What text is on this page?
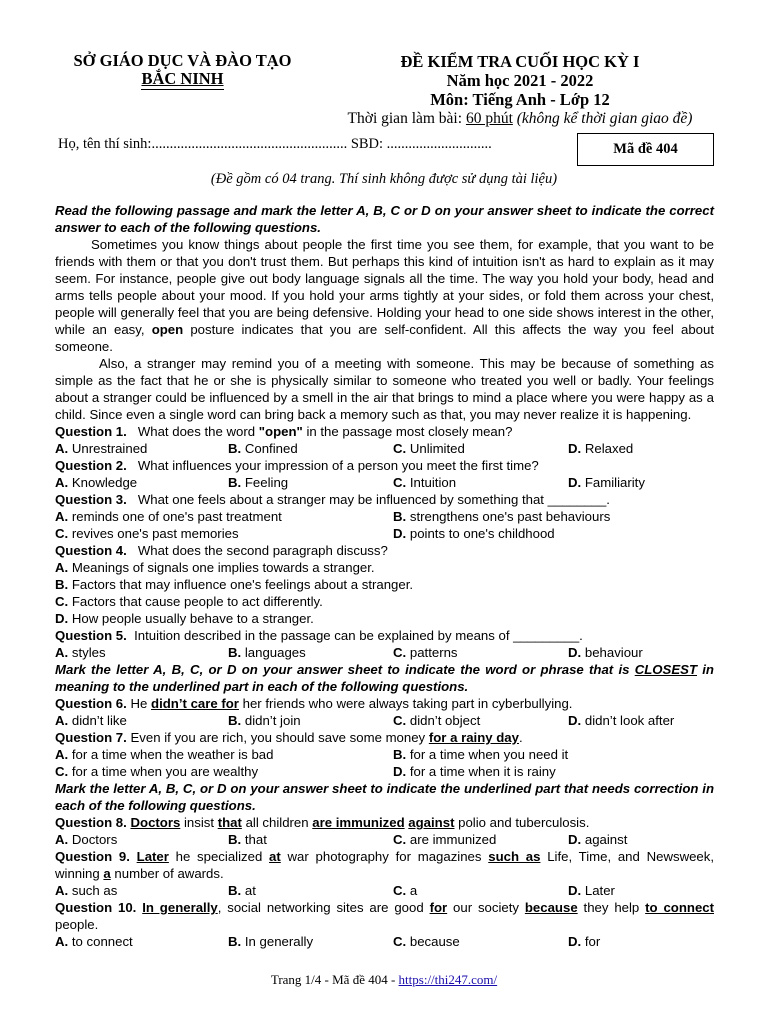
SỞ GIÁO DỤC VÀ ĐÀO TẠO
BẮC NINH
ĐỀ KIỂM TRA CUỐI HỌC KỲ I
Năm học 2021 - 2022
Môn: Tiếng Anh - Lớp 12
Thời gian làm bài: 60 phút (không kể thời gian giao đề)
Họ, tên thí sinh:...................................................... SBD: .............................	Mã đề 404
(Đề gồm có 04 trang. Thí sinh không được sử dụng tài liệu)

Read the following passage and mark the letter A, B, C or D on your answer sheet to indicate the correct answer to each of the following questions.

Sometimes you know things about people the first time you see them, for example, that you want to be friends with them or that you don't trust them. But perhaps this kind of intuition isn't as hard to explain as it may seem. For instance, people give out body language signals all the time. The way you hold your body, head and arms tells people about your mood. If you hold your arms tightly at your sides, or fold them across your chest, people will generally feel that you are being defensive. Holding your head to one side shows interest in the other, while an easy, open posture indicates that you are self-confident. All this affects the way you feel about someone.

Also, a stranger may remind you of a meeting with someone. This may be because of something as simple as the fact that he or she is physically similar to someone who treated you well or badly. Your feelings about a stranger could be influenced by a smell in the air that brings to mind a place where you were happy as a child. Since even a single word can bring back a memory such as that, you may never realize it is happening.

Question 1. What does the word "open" in the passage most closely mean?

A. Unrestrained	B. Confined	C. Unlimited	D. Relaxed

Question 2. What influences your impression of a person you meet the first time?

A. Knowledge	B. Feeling	C. Intuition	D. Familiarity

Question 3. What one feels about a stranger may be influenced by something that ________.

A. reminds one of one's past treatment	B. strengthens one's past behaviours
C. revives one's past memories	D. points to one's childhood

Question 4. What does the second paragraph discuss?

A. Meanings of signals one implies towards a stranger.
B. Factors that may influence one's feelings about a stranger.
C. Factors that cause people to act differently.
D. How people usually behave to a stranger.

Question 5. Intuition described in the passage can be explained by means of _________.

A. styles	B. languages	C. patterns	D. behaviour

Mark the letter A, B, C, or D on your answer sheet to indicate the word or phrase that is CLOSEST in meaning to the underlined part in each of the following questions.

Question 6. He didn’t care for her friends who were always taking part in cyberbullying.

A. didn’t like	B. didn’t join	C. didn’t object	D. didn’t look after

Question 7. Even if you are rich, you should save some money for a rainy day.

A. for a time when the weather is bad	B. for a time when you need it
C. for a time when you are wealthy	D. for a time when it is rainy

Mark the letter A, B, C, or D on your answer sheet to indicate the underlined part that needs correction in each of the following questions.

Question 8. Doctors insist that all children are immunized against polio and tuberculosis.

A. Doctors	B. that	C. are immunized	D. against

Question 9. Later he specialized at war photography for magazines such as Life, Time, and Newsweek, winning a number of awards.

A. such as	B. at	C. a	D. Later

Question 10. In generally, social networking sites are good for our society because they help to connect people.

A. to connect	B. In generally	C. because	D. for
Trang 1/4 - Mã đề 404 - https://thi247.com/
